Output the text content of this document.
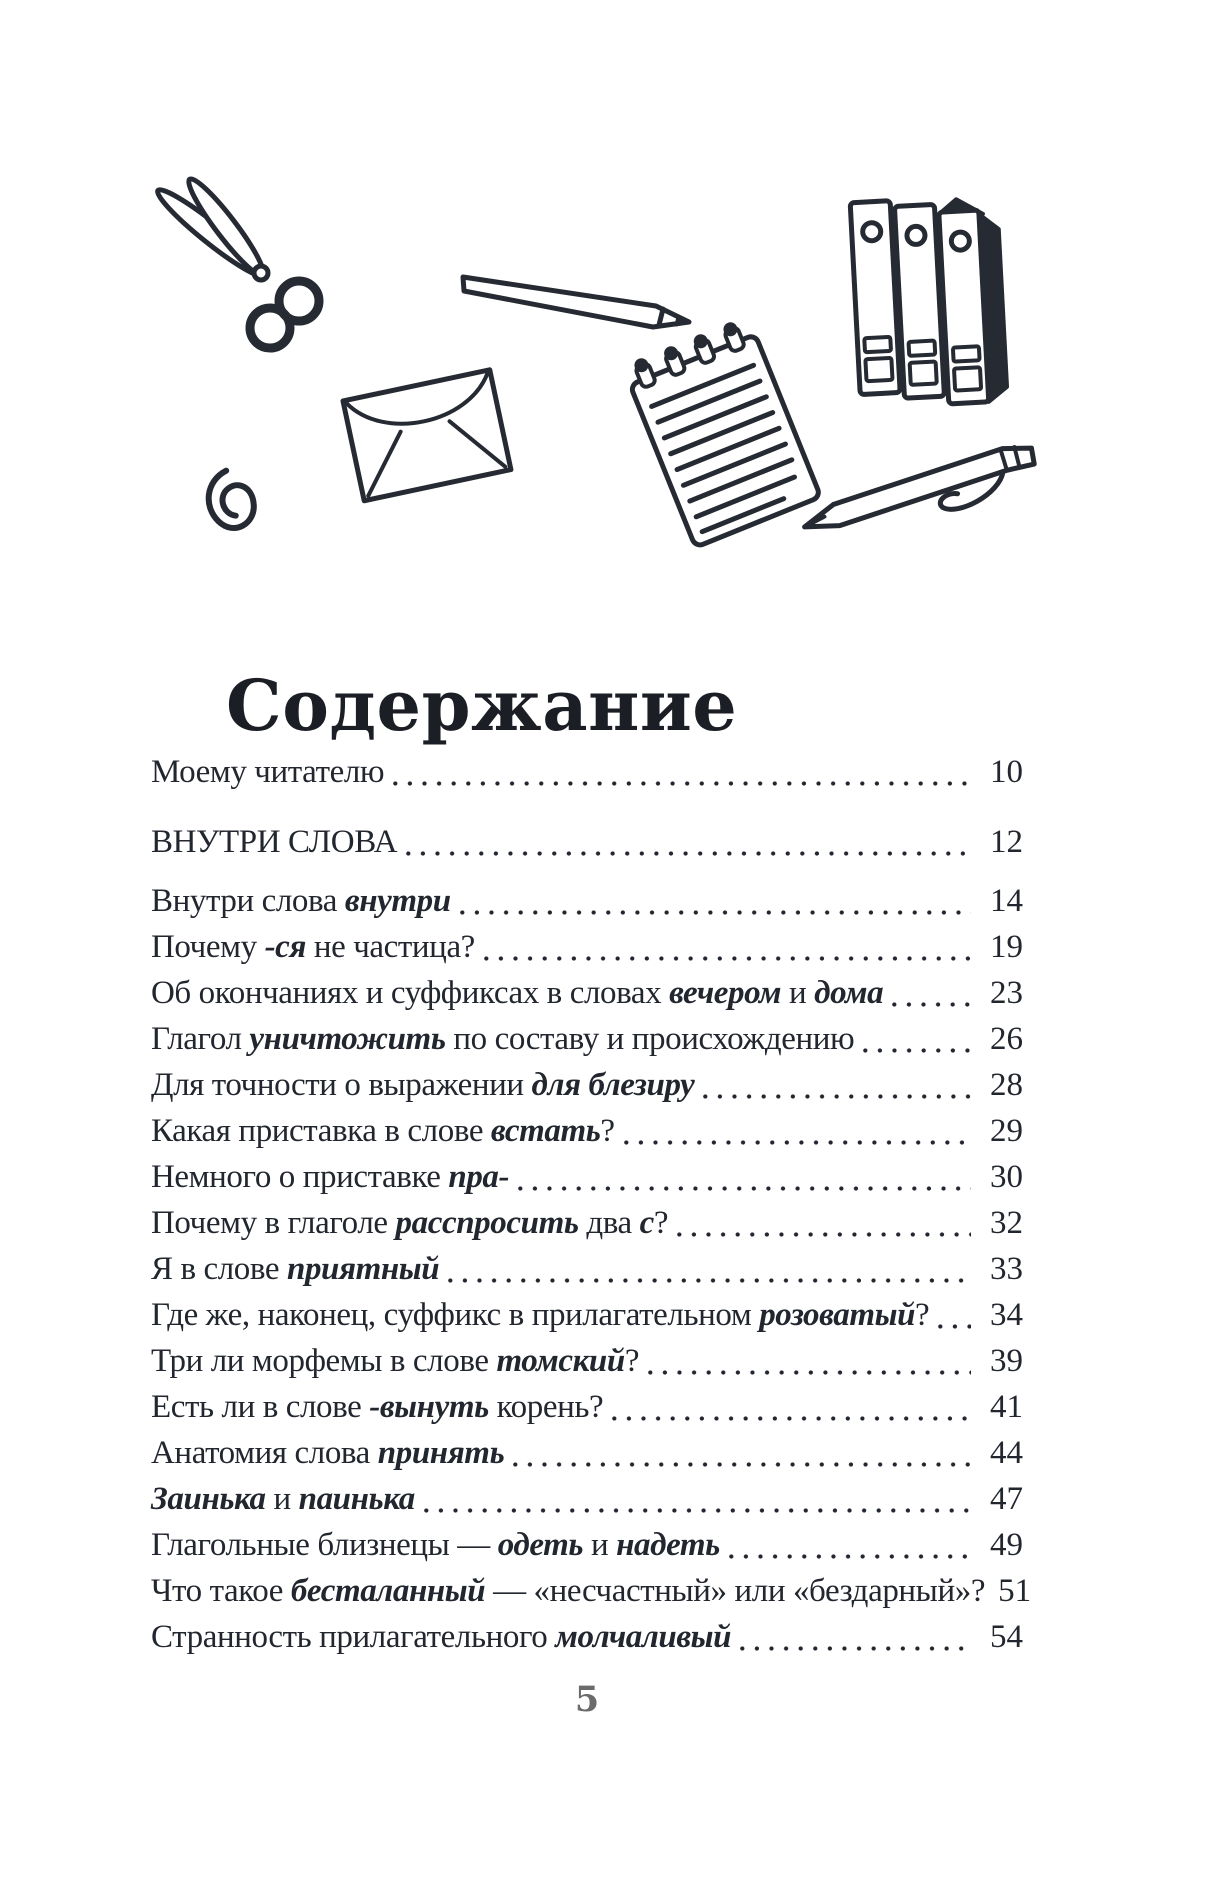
Содержание
Моему читателю	10
ВНУТРИ СЛОВА	12
Внутри слова внутри	14
Почему -ся не частица?	19
Об окончаниях и суффиксах в словах вечером и дома	23
Глагол уничтожить по составу и происхождению	26
Для точности о выражении для блезиру	28
Какая приставка в слове встать?	29
Немного о приставке пра-	30
Почему в глаголе расспросить два с?	32
Я в слове приятный	33
Где же, наконец, суффикс в прилагательном розоватый?	34
Три ли морфемы в слове томский?	39
Есть ли в слове -вынуть корень?	41
Анатомия слова принять	44
Заинька и паинька	47
Глагольные близнецы — одеть и надеть	49
Что такое бесталанный — «несчастный» или «бездарный»? 51
Странность прилагательного молчаливый	54
5
